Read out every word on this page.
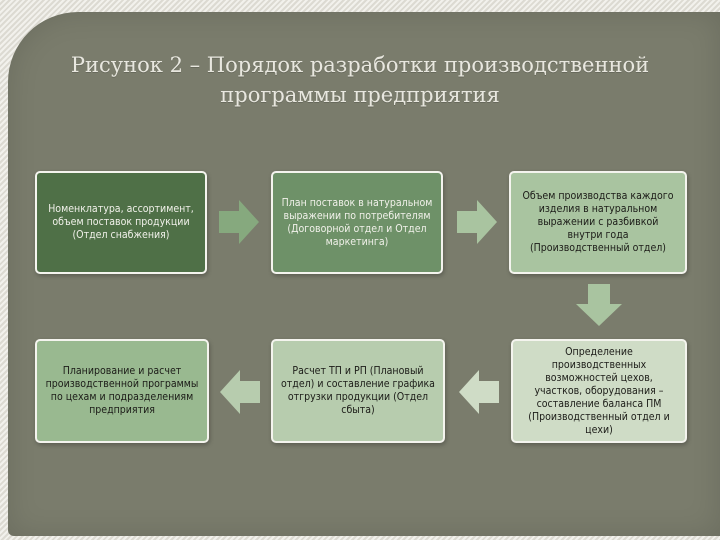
Рисунок 2 – Порядок разработки производственной
программы предприятия
Номенклатура, ассортимент, объем поставок продукции (Отдел снабжения)
План поставок в натуральном выражении по потребителям (Договорной отдел и Отдел маркетинга)
Объем производства каждого изделия в натуральном выражении с разбивкой внутри года (Производственный отдел)
Определение производственных возможностей цехов, участков, оборудования – составление баланса ПМ (Производственный отдел и цехи)
Расчет ТП и РП (Плановый отдел) и составление графика отгрузки продукции (Отдел сбыта)
Планирование и расчет производственной программы по цехам и подразделениям предприятия
